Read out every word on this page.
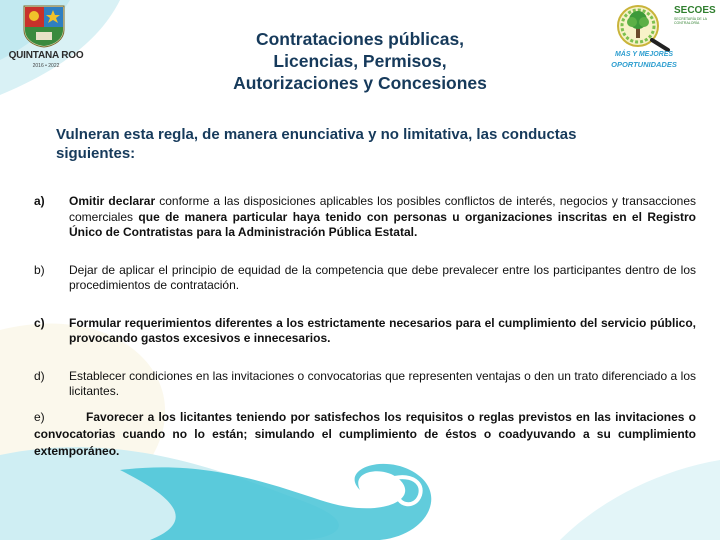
QUINTANA ROO
2016 • 2022
Contrataciones públicas,
Licencias, Permisos,
Autorizaciones y Concesiones
SECOES
SECRETARÍA DE LA CONTRALORÍA
MÁS Y MEJORES
OPORTUNIDADES
Vulneran esta regla, de manera enunciativa y no limitativa, las conductas siguientes:
a)	Omitir declarar conforme a las disposiciones aplicables los posibles conflictos de interés, negocios y transacciones comerciales que de manera particular haya tenido con personas u organizaciones inscritas en el Registro Único de Contratistas para la Administración Pública Estatal.
b)	Dejar de aplicar el principio de equidad de la competencia que debe prevalecer entre los participantes dentro de los procedimientos de contratación.
c)	Formular requerimientos diferentes a los estrictamente necesarios para el cumplimiento del servicio público, provocando gastos excesivos e innecesarios.
d)	Establecer condiciones en las invitaciones o convocatorias que representen ventajas o den un trato diferenciado a los licitantes.
e)	Favorecer a los licitantes teniendo por satisfechos los requisitos o reglas previstos en las invitaciones o convocatorias cuando no lo están; simulando el cumplimiento de éstos o coadyuvando a su cumplimiento extemporáneo.
